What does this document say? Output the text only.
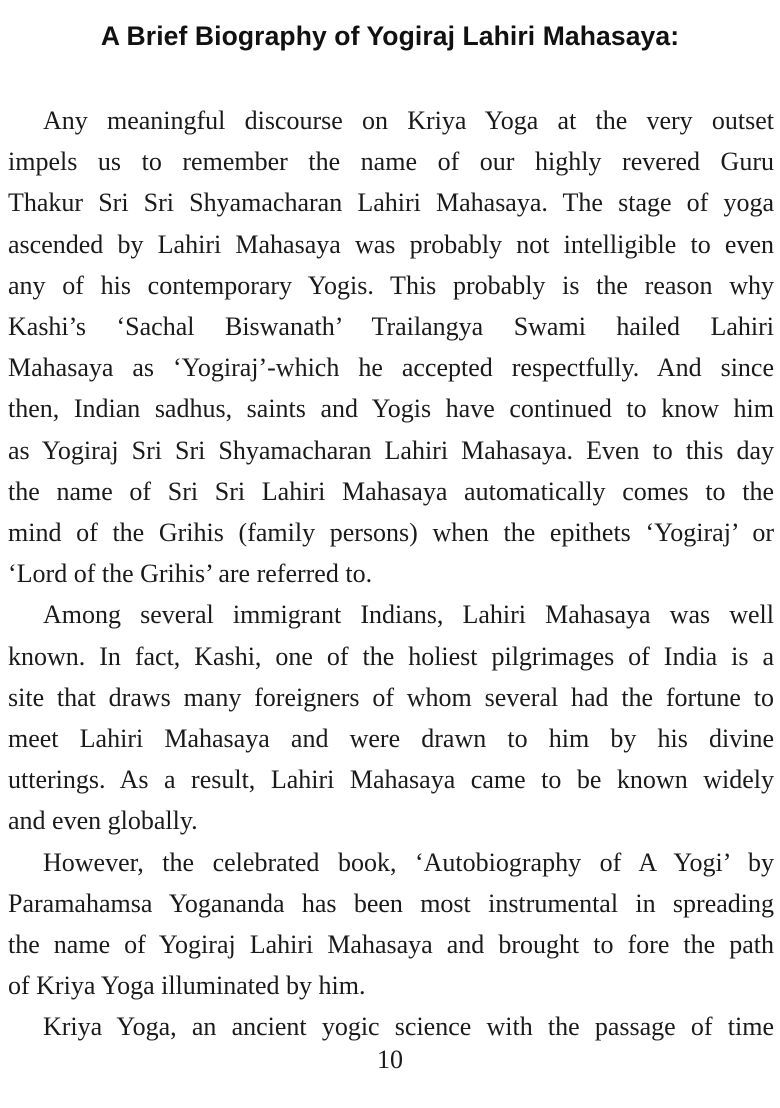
A Brief Biography of Yogiraj Lahiri Mahasaya:
Any meaningful discourse on Kriya Yoga at the very outset
impels us to remember the name of our highly revered Guru
Thakur Sri Sri Shyamacharan Lahiri Mahasaya. The stage of yoga
ascended by Lahiri Mahasaya was probably not intelligible to even
any of his contemporary Yogis. This probably is the reason why
Kashi’s ‘Sachal Biswanath’ Trailangya Swami hailed Lahiri
Mahasaya as ‘Yogiraj’-which he accepted respectfully. And since
then, Indian sadhus, saints and Yogis have continued to know him
as Yogiraj Sri Sri Shyamacharan Lahiri Mahasaya. Even to this day
the name of Sri Sri Lahiri Mahasaya automatically comes to the
mind of the Grihis (family persons) when the epithets ‘Yogiraj’ or
‘Lord of the Grihis’ are referred to.
Among several immigrant Indians, Lahiri Mahasaya was well
known. In fact, Kashi, one of the holiest pilgrimages of India is a
site that draws many foreigners of whom several had the fortune to
meet Lahiri Mahasaya and were drawn to him by his divine
utterings. As a result, Lahiri Mahasaya came to be known widely
and even globally.
However, the celebrated book, ‘Autobiography of A Yogi’ by
Paramahamsa Yogananda has been most instrumental in spreading
the name of Yogiraj Lahiri Mahasaya and brought to fore the path
of Kriya Yoga illuminated by him.
Kriya Yoga, an ancient yogic science with the passage of time
10
